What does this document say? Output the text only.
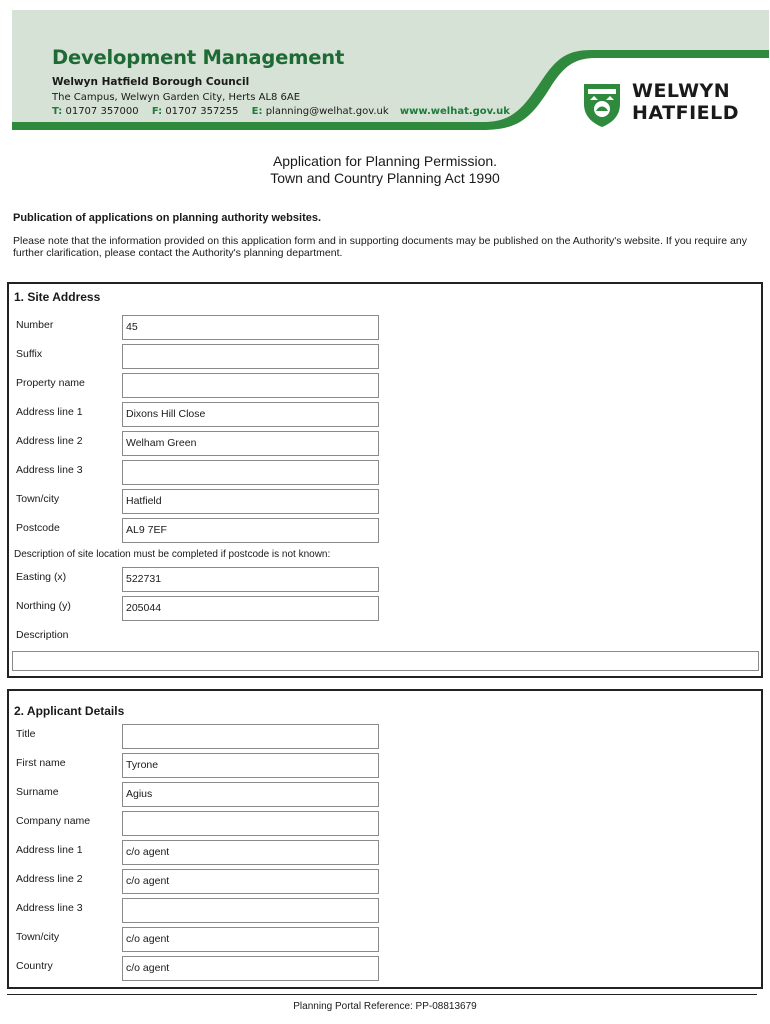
Development Management
Welwyn Hatfield Borough Council
The Campus, Welwyn Garden City, Herts AL8 6AE
T: 01707 357000 F: 01707 357255 E: planning@welhat.gov.uk www.welhat.gov.uk
WELWYN
HATFIELD
Application for Planning Permission.
Town and Country Planning Act 1990
Publication of applications on planning authority websites.
Please note that the information provided on this application form and in supporting documents may be published on the Authority's website. If you require any further clarification, please contact the Authority's planning department.
1. Site Address
Number	45
Suffix
Property name
Address line 1	Dixons Hill Close
Address line 2	Welham Green
Address line 3
Town/city	Hatfield
Postcode	AL9 7EF
Description of site location must be completed if postcode is not known:
Easting (x)	522731
Northing (y)	205044
Description
2. Applicant Details
Title
First name	Tyrone
Surname	Agius
Company name
Address line 1	c/o agent
Address line 2	c/o agent
Address line 3
Town/city	c/o agent
Country	c/o agent
Planning Portal Reference: PP-08813679
